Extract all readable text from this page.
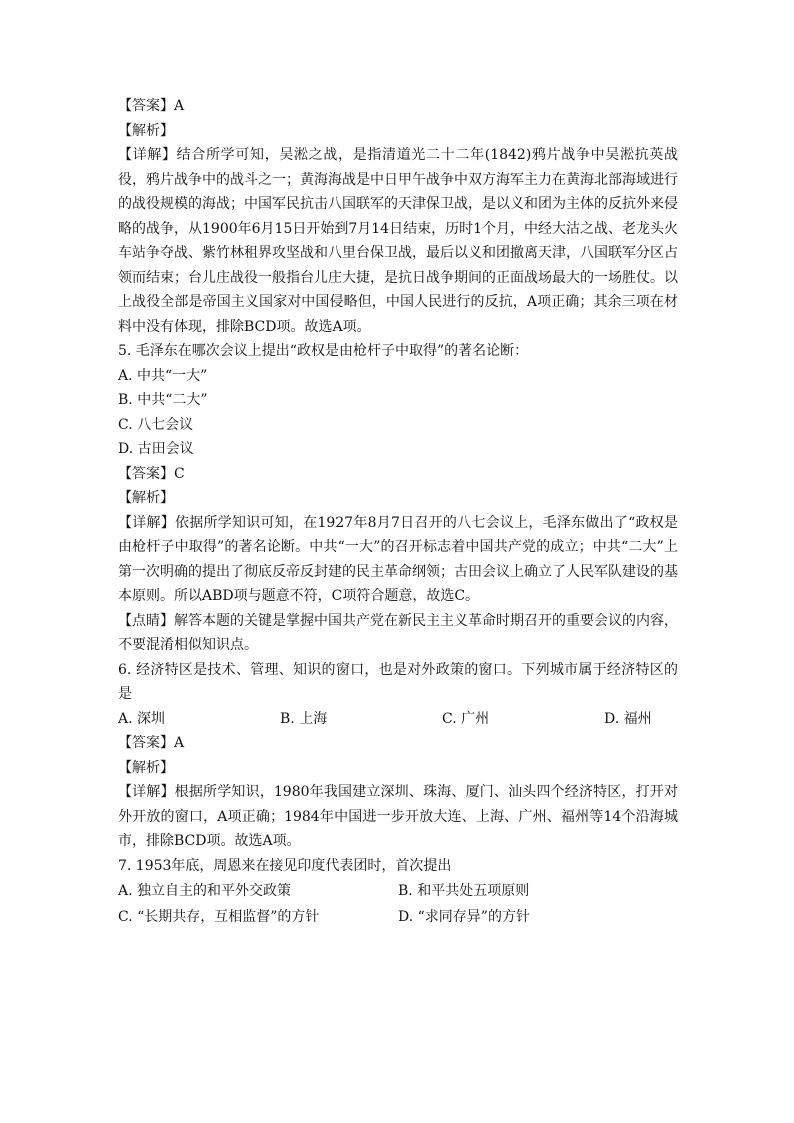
【答案】A
【解析】
【详解】结合所学可知，吴淞之战，是指清道光二十二年(1842)鸦片战争中吴淞抗英战役，鸦片战争中的战斗之一；黄海海战是中日甲午战争中双方海军主力在黄海北部海域进行的战役规模的海战；中国军民抗击八国联军的天津保卫战，是以义和团为主体的反抗外来侵略的战争，从1900年6月15日开始到7月14日结束，历时1个月，中经大沽之战、老龙头火车站争夺战、紫竹林租界攻坚战和八里台保卫战，最后以义和团撤离天津，八国联军分区占领而结束；台儿庄战役一般指台儿庄大捷，是抗日战争期间的正面战场最大的一场胜仗。以上战役全部是帝国主义国家对中国侵略但，中国人民进行的反抗，A项正确；其余三项在材料中没有体现，排除BCD项。故选A项。
5. 毛泽东在哪次会议上提出“政权是由枪杆子中取得”的著名论断：
A. 中共“一大”
B. 中共“二大”
C. 八七会议
D. 古田会议
【答案】C
【解析】
【详解】依据所学知识可知，在1927年8月7日召开的八七会议上，毛泽东做出了“政权是由枪杆子中取得”的著名论断。中共“一大”的召开标志着中国共产党的成立；中共“二大”上第一次明确的提出了彻底反帝反封建的民主革命纲领；古田会议上确立了人民军队建设的基本原则。所以ABD项与题意不符，C项符合题意，故选C。
【点睛】解答本题的关键是掌握中国共产党在新民主主义革命时期召开的重要会议的内容，不要混淆相似知识点。
6. 经济特区是技术、管理、知识的窗口，也是对外政策的窗口。下列城市属于经济特区的是
A. 深圳	B. 上海	C. 广州	D. 福州
【答案】A
【解析】
【详解】根据所学知识，1980年我国建立深圳、珠海、厦门、汕头四个经济特区，打开对外开放的窗口，A项正确；1984年中国进一步开放大连、上海、广州、福州等14个沿海城市，排除BCD项。故选A项。
7. 1953年底，周恩来在接见印度代表团时，首次提出
A. 独立自主的和平外交政策	B. 和平共处五项原则
C. “长期共存，互相监督”的方针	D. “求同存异”的方针
